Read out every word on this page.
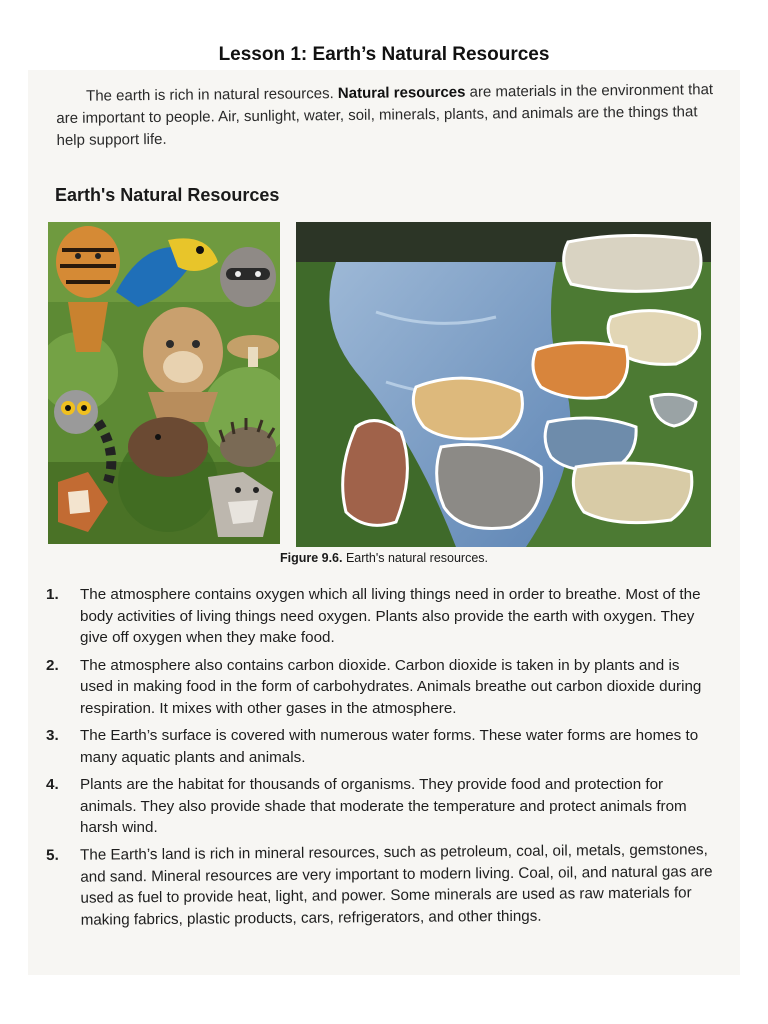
Lesson 1: Earth’s Natural Resources

The earth is rich in natural resources. Natural resources are materials in the environment that are important to people. Air, sunlight, water, soil, minerals, plants, and animals are the things that help support life.

Earth's Natural Resources
Figure 9.6. Earth's natural resources.
1. The atmosphere contains oxygen which all living things need in order to breathe. Most of the body activities of living things need oxygen. Plants also provide the earth with oxygen. They give off oxygen when they make food.
2. The atmosphere also contains carbon dioxide. Carbon dioxide is taken in by plants and is used in making food in the form of carbohydrates. Animals breathe out carbon dioxide during respiration. It mixes with other gases in the atmosphere.
3. The Earth’s surface is covered with numerous water forms. These water forms are homes to many aquatic plants and animals.
4. Plants are the habitat for thousands of organisms. They provide food and protection for animals. They also provide shade that moderate the temperature and protect animals from harsh wind.
5. The Earth’s land is rich in mineral resources, such as petroleum, coal, oil, metals, gemstones, and sand. Mineral resources are very important to modern living. Coal, oil, and natural gas are used as fuel to provide heat, light, and power. Some minerals are used as raw materials for making fabrics, plastic products, cars, refrigerators, and other things.
